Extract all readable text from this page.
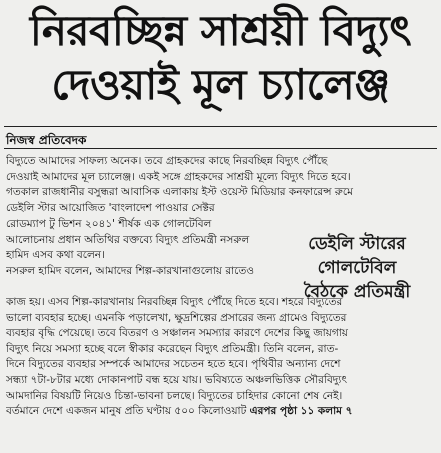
নিরবচ্ছিন্ন সাশ্রয়ী বিদ্যুৎ
দেওয়াই মূল চ্যালেঞ্জ
নিজস্ব প্রতিবেদক
বিদ্যুতে আমাদের সাফল্য অনেক। তবে গ্রাহকদের কাছে নিরবচ্ছিন্ন বিদ্যুৎ পৌঁছে
দেওয়াই আমাদের মূল চ্যালেঞ্জ। একই সঙ্গে গ্রাহকদের সাশ্রয়ী মূল্যে বিদ্যুৎ দিতে হবে।
গতকাল রাজধানীর বসুন্ধরা আবাসিক এলাকায় ইস্ট ওয়েস্ট মিডিয়ার কনফারেন্স রুমে
ডেইলি স্টার আয়োজিত 'বাংলাদেশ পাওয়ার সেক্টর
রোডম্যাপ টু ভিশন ২০৪১' শীর্ষক এক গোলটেবিল
আলোচনায় প্রধান অতিথির বক্তব্যে বিদ্যুৎ প্রতিমন্ত্রী নসরুল
হামিদ এসব কথা বলেন।
নসরুল হামিদ বলেন, আমাদের শিল্প-কারখানাগুলোয় রাতেও
ডেইলি স্টারের
গোলটেবিল
বৈঠকে প্রতিমন্ত্রী
কাজ হয়। এসব শিল্প-কারখানায় নিরবচ্ছিন্ন বিদ্যুৎ পৌঁছে দিতে হবে। শহরে বিদ্যুতের
ভালো ব্যবহার হচ্ছে। এমনকি পড়ালেখা, ক্ষুদ্রশিল্পের প্রসারের জন্য গ্রামেও বিদ্যুতের
ব্যবহার বৃদ্ধি পেয়েছে। তবে বিতরণ ও সঞ্চালন সমস্যার কারণে দেশের কিছু জায়গায়
বিদ্যুৎ নিয়ে সমস্যা হচ্ছে বলে স্বীকার করেছেন বিদ্যুৎ প্রতিমন্ত্রী। তিনি বলেন, রাত-
দিনে বিদ্যুতের ব্যবহার সম্পর্কে আমাদের সচেতন হতে হবে। পৃথিবীর অন্যান্য দেশে
সন্ধ্যা ৭টা-৮টার মধ্যে দোকানপাট বন্ধ হয়ে যায়। ভবিষ্যতে অঞ্চলভিত্তিক সৌরবিদ্যুৎ
আমদানির বিষয়টি নিয়েও চিন্তা-ভাবনা চলছে। বিদ্যুতের চাহিদার কোনো শেষ নেই।
বর্তমানে দেশে একজন মানুষ প্রতি ঘণ্টায় ৫০০ কিলোওয়াট এরপর পৃষ্ঠা ১১ কলাম ৭
